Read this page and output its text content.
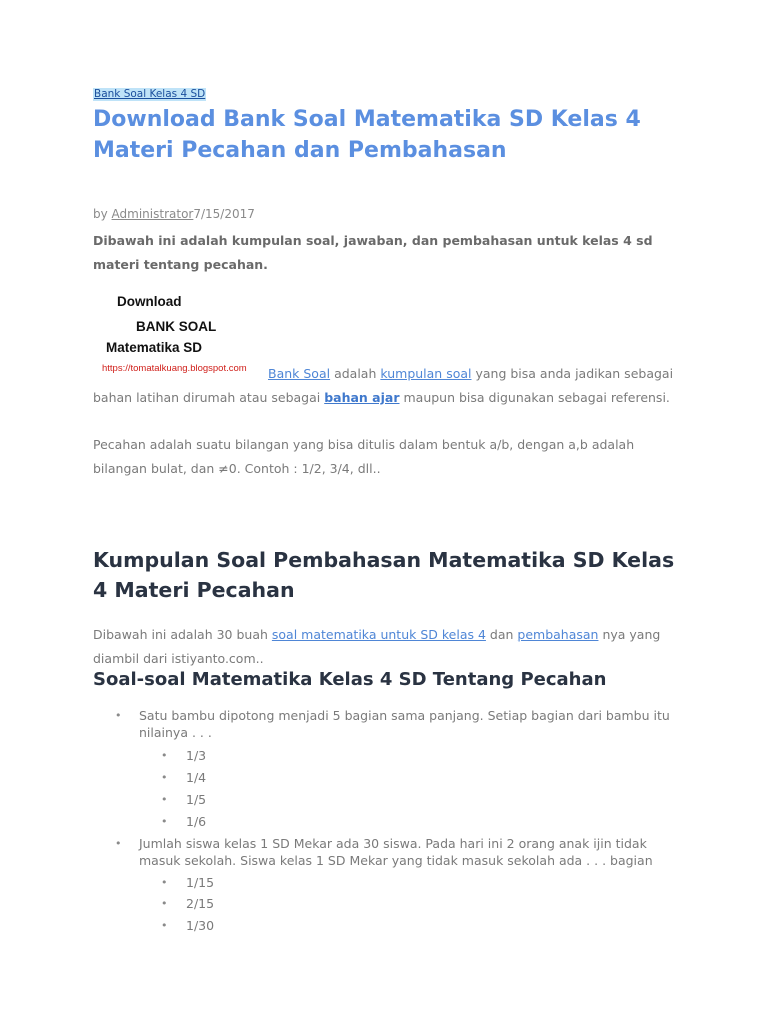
Bank Soal Kelas 4 SD
Download Bank Soal Matematika SD Kelas 4 Materi Pecahan dan Pembahasan
by Administrator7/15/2017

Dibawah ini adalah kumpulan soal, jawaban, dan pembahasan untuk kelas 4 sd materi tentang pecahan.

Download
BANK SOAL
Matematika SD
https://tomatalkuang.blogspot.com Bank Soal adalah kumpulan soal yang bisa anda jadikan sebagai

bahan latihan dirumah atau sebagai bahan ajar maupun bisa digunakan sebagai referensi.

Pecahan adalah suatu bilangan yang bisa ditulis dalam bentuk a/b, dengan a,b adalah bilangan bulat, dan ≠0. Contoh : 1/2, 3/4, dll..

Kumpulan Soal Pembahasan Matematika SD Kelas 4 Materi Pecahan

Dibawah ini adalah 30 buah soal matematika untuk SD kelas 4 dan pembahasan nya yang diambil dari istiyanto.com..

Soal-soal Matematika Kelas 4 SD Tentang Pecahan

• Satu bambu dipotong menjadi 5 bagian sama panjang. Setiap bagian dari bambu itu nilainya . . .

• 1/3

• 1/4

• 1/5

• 1/6

• Jumlah siswa kelas 1 SD Mekar ada 30 siswa. Pada hari ini 2 orang anak ijin tidak masuk sekolah. Siswa kelas 1 SD Mekar yang tidak masuk sekolah ada . . . bagian

• 1/15

• 2/15

• 1/30
